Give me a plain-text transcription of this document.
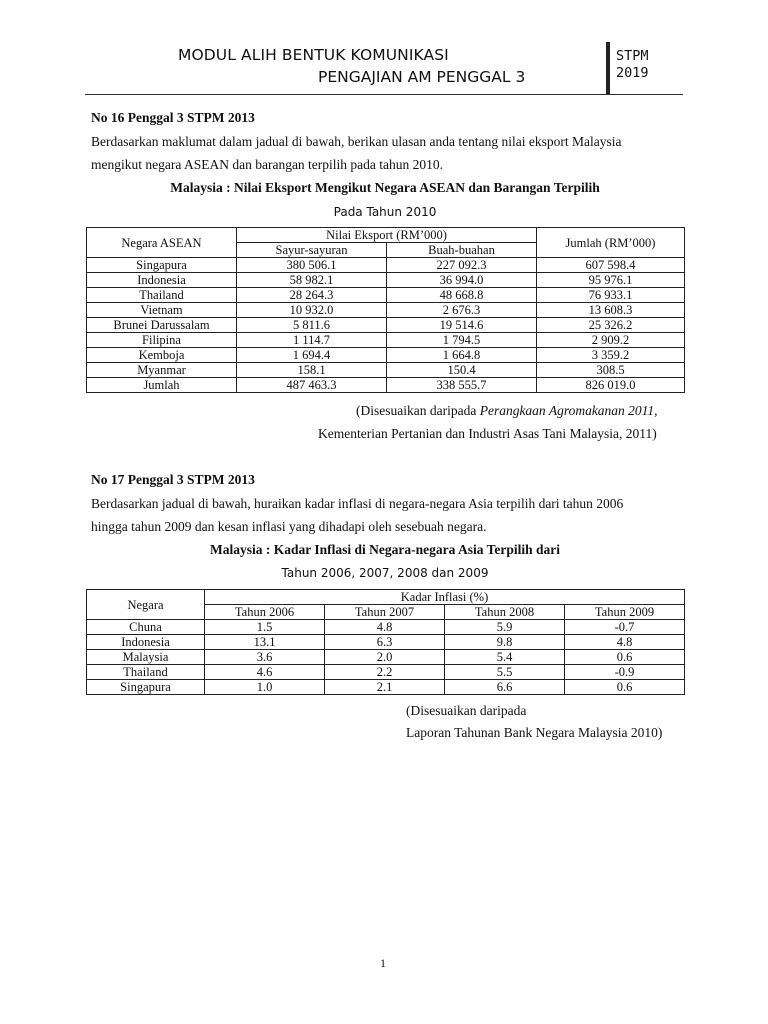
MODUL ALIH BENTUK KOMUNIKASI
PENGAJIAN AM PENGGAL 3
STPM
2019
No 16 Penggal 3 STPM 2013
Berdasarkan maklumat dalam jadual di bawah, berikan ulasan anda tentang nilai eksport Malaysia
mengikut negara ASEAN dan barangan terpilih pada tahun 2010.
Malaysia : Nilai Eksport Mengikut Negara ASEAN dan Barangan Terpilih
Pada Tahun 2010
Negara ASEAN	Nilai Eksport (RM’000)		Jumlah (RM’000)
	Sayur-sayuran	Buah-buahan	
Singapura	380 506.1	227 092.3	607 598.4
Indonesia	58 982.1	36 994.0	95 976.1
Thailand	28 264.3	48 668.8	76 933.1
Vietnam	10 932.0	2 676.3	13 608.3
Brunei Darussalam	5 811.6	19 514.6	25 326.2
Filipina	1 114.7	1 794.5	2 909.2
Kemboja	1 694.4	1 664.8	3 359.2
Myanmar	158.1	150.4	308.5
Jumlah	487 463.3	338 555.7	826 019.0
(Disesuaikan daripada Perangkaan Agromakanan 2011,
Kementerian Pertanian dan Industri Asas Tani Malaysia, 2011)
No 17 Penggal 3 STPM 2013
Berdasarkan jadual di bawah, huraikan kadar inflasi di negara-negara Asia terpilih dari tahun 2006
hingga tahun 2009 dan kesan inflasi yang dihadapi oleh sesebuah negara.
Malaysia : Kadar Inflasi di Negara-negara Asia Terpilih dari
Tahun 2006, 2007, 2008 dan 2009
Negara	Kadar Inflasi (%)			
	Tahun 2006	Tahun 2007	Tahun 2008	Tahun 2009
Chuna	1.5	4.8	5.9	-0.7
Indonesia	13.1	6.3	9.8	4.8
Malaysia	3.6	2.0	5.4	0.6
Thailand	4.6	2.2	5.5	-0.9
Singapura	1.0	2.1	6.6	0.6
(Disesuaikan daripada
Laporan Tahunan Bank Negara Malaysia 2010)
1
